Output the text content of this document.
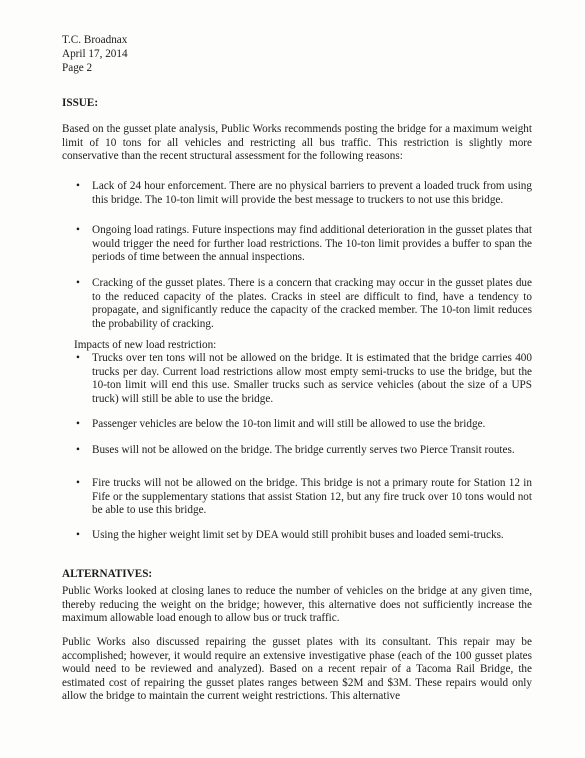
T.C. Broadnax
April 17, 2014
Page 2
ISSUE:
Based on the gusset plate analysis, Public Works recommends posting the bridge for a maximum weight limit of 10 tons for all vehicles and restricting all bus traffic. This restriction is slightly more conservative than the recent structural assessment for the following reasons:
•	Lack of 24 hour enforcement. There are no physical barriers to prevent a loaded truck from using this bridge. The 10-ton limit will provide the best message to truckers to not use this bridge.
•	Ongoing load ratings. Future inspections may find additional deterioration in the gusset plates that would trigger the need for further load restrictions. The 10-ton limit provides a buffer to span the periods of time between the annual inspections.
•	Cracking of the gusset plates. There is a concern that cracking may occur in the gusset plates due to the reduced capacity of the plates. Cracks in steel are difficult to find, have a tendency to propagate, and significantly reduce the capacity of the cracked member. The 10-ton limit reduces the probability of cracking.
Impacts of new load restriction:
•	Trucks over ten tons will not be allowed on the bridge. It is estimated that the bridge carries 400 trucks per day. Current load restrictions allow most empty semi-trucks to use the bridge, but the 10-ton limit will end this use. Smaller trucks such as service vehicles (about the size of a UPS truck) will still be able to use the bridge.
•	Passenger vehicles are below the 10-ton limit and will still be allowed to use the bridge.
•	Buses will not be allowed on the bridge. The bridge currently serves two Pierce Transit routes.
•	Fire trucks will not be allowed on the bridge. This bridge is not a primary route for Station 12 in Fife or the supplementary stations that assist Station 12, but any fire truck over 10 tons would not be able to use this bridge.
•	Using the higher weight limit set by DEA would still prohibit buses and loaded semi-trucks.
ALTERNATIVES:
Public Works looked at closing lanes to reduce the number of vehicles on the bridge at any given time, thereby reducing the weight on the bridge; however, this alternative does not sufficiently increase the maximum allowable load enough to allow bus or truck traffic.
Public Works also discussed repairing the gusset plates with its consultant. This repair may be accomplished; however, it would require an extensive investigative phase (each of the 100 gusset plates would need to be reviewed and analyzed). Based on a recent repair of a Tacoma Rail Bridge, the estimated cost of repairing the gusset plates ranges between $2M and $3M. These repairs would only allow the bridge to maintain the current weight restrictions. This alternative
